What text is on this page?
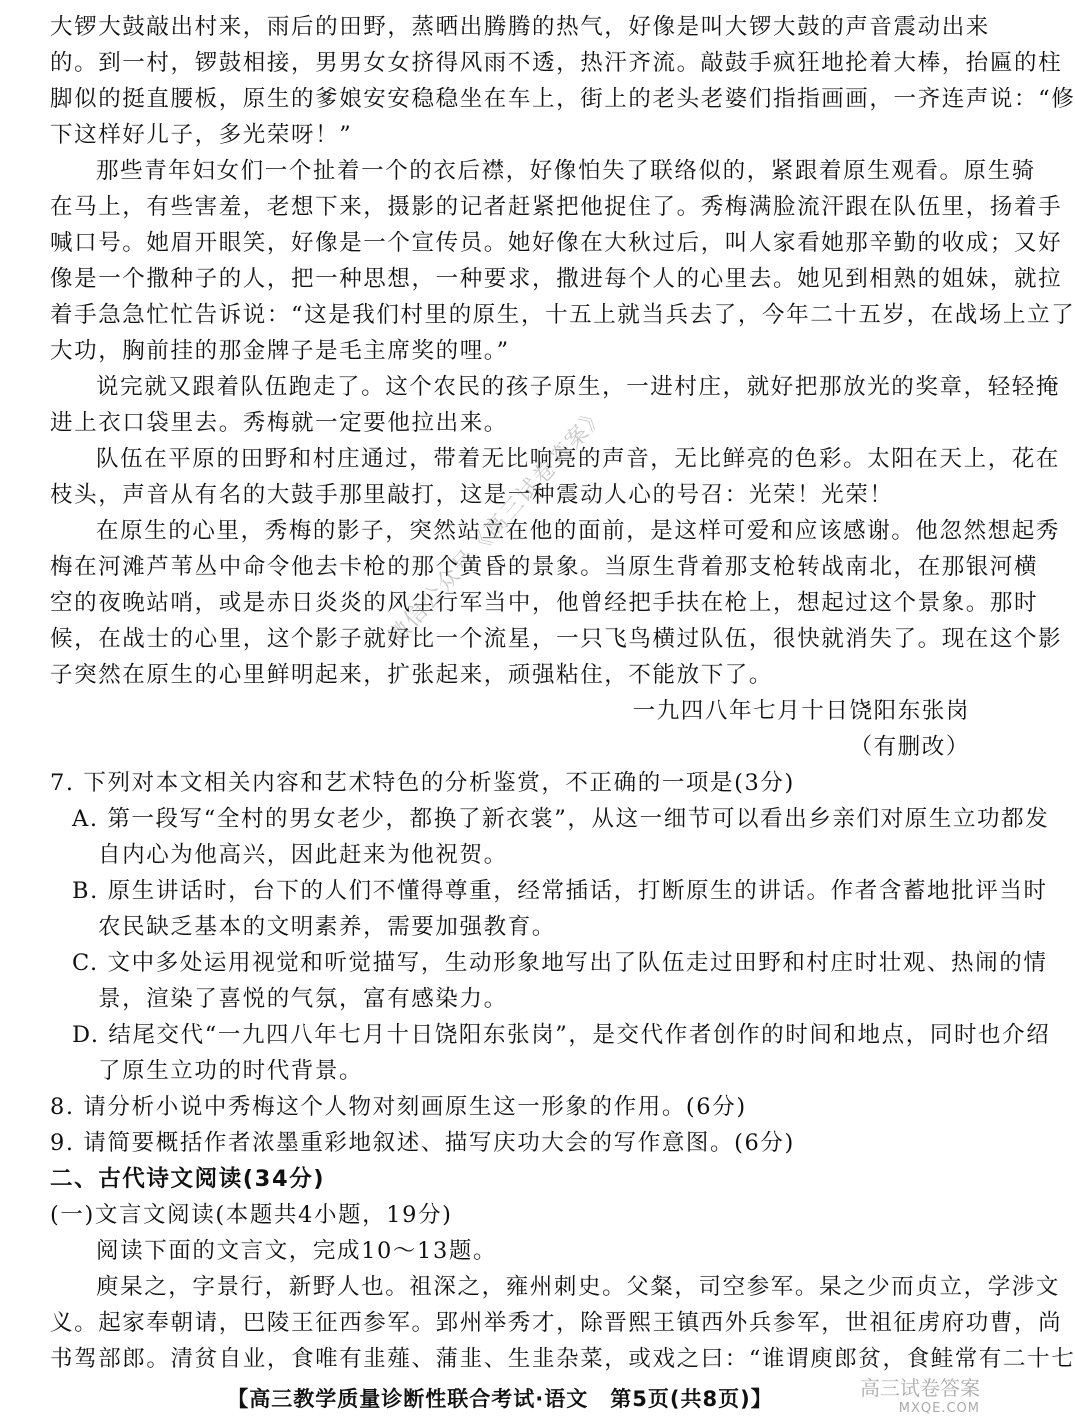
大锣大鼓敲出村来，雨后的田野，蒸晒出腾腾的热气，好像是叫大锣大鼓的声音震动出来
的。到一村，锣鼓相接，男男女女挤得风雨不透，热汗齐流。敲鼓手疯狂地抡着大棒，抬匾的柱
脚似的挺直腰板，原生的爹娘安安稳稳坐在车上，街上的老头老婆们指指画画，一齐连声说：“修
下这样好儿子，多光荣呀！”
那些青年妇女们一个扯着一个的衣后襟，好像怕失了联络似的，紧跟着原生观看。原生骑
在马上，有些害羞，老想下来，摄影的记者赶紧把他捉住了。秀梅满脸流汗跟在队伍里，扬着手
喊口号。她眉开眼笑，好像是一个宣传员。她好像在大秋过后，叫人家看她那辛勤的收成；又好
像是一个撒种子的人，把一种思想，一种要求，撒进每个人的心里去。她见到相熟的姐妹，就拉
着手急急忙忙告诉说：“这是我们村里的原生，十五上就当兵去了，今年二十五岁，在战场上立了
大功，胸前挂的那金牌子是毛主席奖的哩。”
说完就又跟着队伍跑走了。这个农民的孩子原生，一进村庄，就好把那放光的奖章，轻轻掩
进上衣口袋里去。秀梅就一定要他拉出来。
队伍在平原的田野和村庄通过，带着无比响亮的声音，无比鲜亮的色彩。太阳在天上，花在
枝头，声音从有名的大鼓手那里敲打，这是一种震动人心的号召：光荣！光荣！
在原生的心里，秀梅的影子，突然站立在他的面前，是这样可爱和应该感谢。他忽然想起秀
梅在河滩芦苇丛中命令他去卡枪的那个黄昏的景象。当原生背着那支枪转战南北，在那银河横
空的夜晚站哨，或是赤日炎炎的风尘行军当中，他曾经把手扶在枪上，想起过这个景象。那时
候，在战士的心里，这个影子就好比一个流星，一只飞鸟横过队伍，很快就消失了。现在这个影
子突然在原生的心里鲜明起来，扩张起来，顽强粘住，不能放下了。
一九四八年七月十日饶阳东张岗
（有删改）
7. 下列对本文相关内容和艺术特色的分析鉴赏，不正确的一项是(3分)
A. 第一段写“全村的男女老少，都换了新衣裳”，从这一细节可以看出乡亲们对原生立功都发
自内心为他高兴，因此赶来为他祝贺。
B. 原生讲话时，台下的人们不懂得尊重，经常插话，打断原生的讲话。作者含蓄地批评当时
农民缺乏基本的文明素养，需要加强教育。
C. 文中多处运用视觉和听觉描写，生动形象地写出了队伍走过田野和村庄时壮观、热闹的情
景，渲染了喜悦的气氛，富有感染力。
D. 结尾交代“一九四八年七月十日饶阳东张岗”，是交代作者创作的时间和地点，同时也介绍
了原生立功的时代背景。
8. 请分析小说中秀梅这个人物对刻画原生这一形象的作用。(6分)
9. 请简要概括作者浓墨重彩地叙述、描写庆功大会的写作意图。(6分)
二、古代诗文阅读(34分)
(一)文言文阅读(本题共4小题，19分)
阅读下面的文言文，完成10～13题。
庾杲之，字景行，新野人也。祖深之，雍州刺史。父粲，司空参军。杲之少而贞立，学涉文
义。起家奉朝请，巴陵王征西参军。郢州举秀才，除晋熙王镇西外兵参军，世祖征虏府功曹，尚
书驾部郎。清贫自业，食唯有韭薤、蒲韭、生韭杂菜，或戏之曰：“谁谓庾郎贫，食鲑常有二十七
【高三教学质量诊断性联合考试·语文　第5页(共8页)】
微信公众号《高三试卷答案》
高三试卷答案
MXQE.COM
